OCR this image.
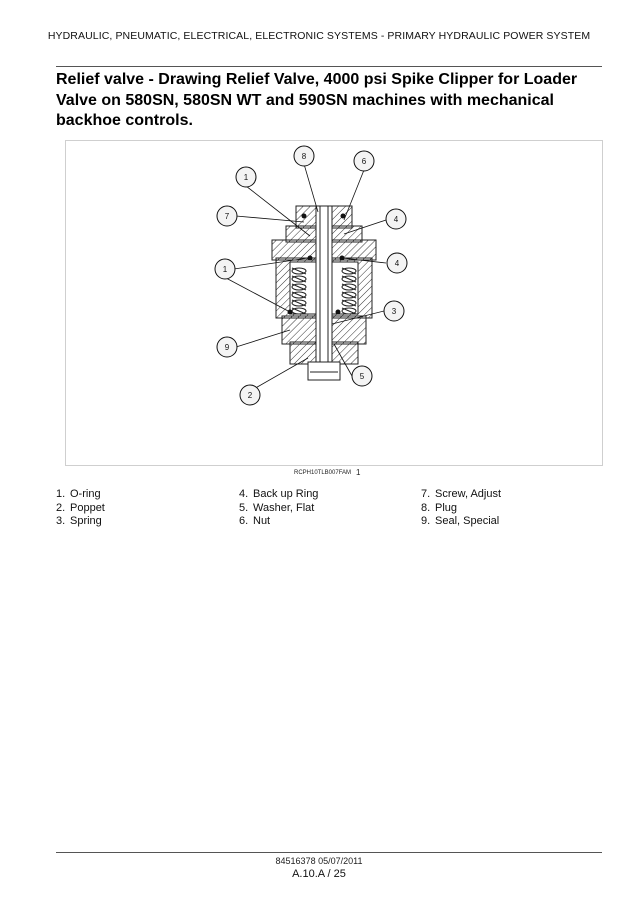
HYDRAULIC, PNEUMATIC, ELECTRICAL, ELECTRONIC SYSTEMS - PRIMARY HYDRAULIC POWER SYSTEM
Relief valve - Drawing Relief Valve, 4000 psi Spike Clipper for Loader Valve on 580SN, 580SN WT and 590SN machines with mechanical backhoe controls.
8
6
1
7	4
1
4
3
9
5
2
RCPH10TLB007FAM 1
1. O-ring
2. Poppet
3. Spring
4. Back up Ring
5. Washer, Flat
6. Nut
7. Screw, Adjust
8. Plug
9. Seal, Special
84516378 05/07/2011
A.10.A / 25
